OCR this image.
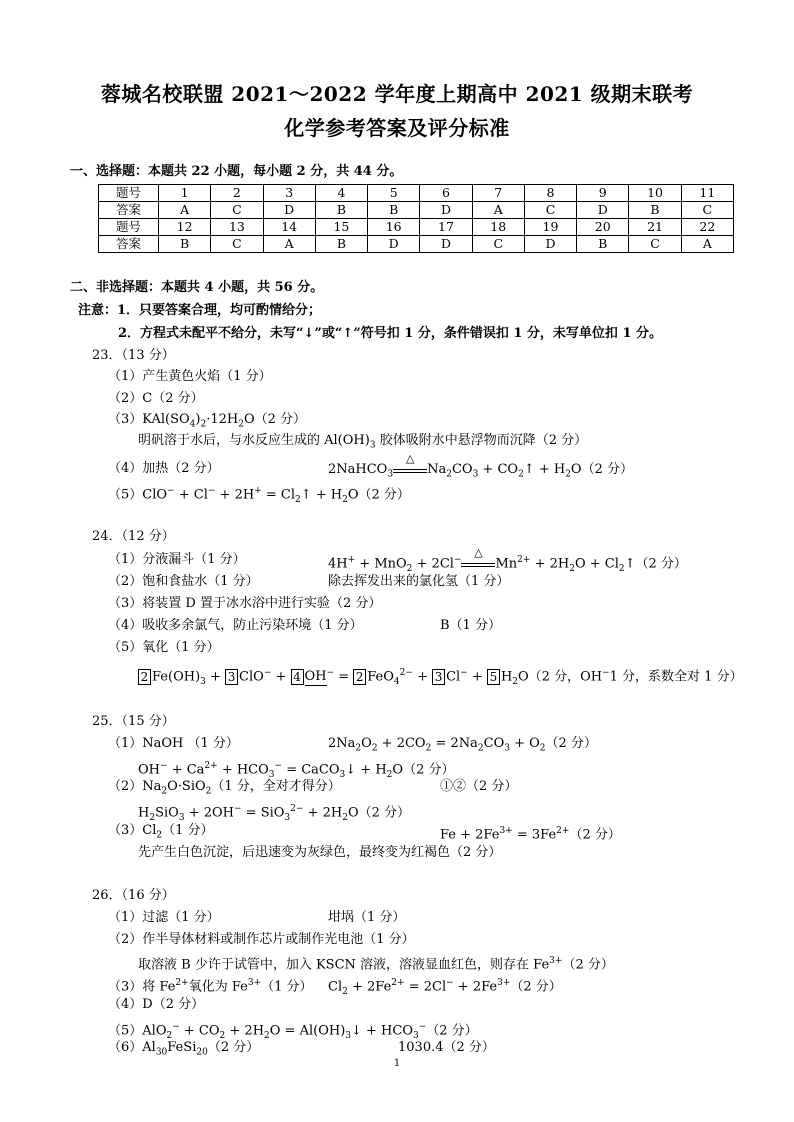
蓉城名校联盟 2021～2022 学年度上期高中 2021 级期末联考
化学参考答案及评分标准
一、选择题：本题共 22 小题，每小题 2 分，共 44 分。
题号	1	2	3	4	5	6	7	8	9	10	11
答案	A	C	D	B	B	D	A	C	D	B	C
题号	12	13	14	15	16	17	18	19	20	21	22
答案	B	C	A	B	D	D	C	D	B	C	A
二、非选择题：本题共 4 小题，共 56 分。
注意：1．只要答案合理，均可酌情给分；
2．方程式未配平不给分，未写“↓”或“↑”符号扣 1 分，条件错误扣 1 分，未写单位扣 1 分。
23．（13 分）
（1）产生黄色火焰（1 分）
（2）C（2 分）
$(3)KAl(SO_4)_2\cdot 12H_2O(2$ 分）
明矾溶于水后，与水反应生成的 $Al(OH)_3$ 胶体吸附水中悬浮物而沉降（2 分）
（4）加热（2 分）	2NaHCO$_3$
△
$Na_2CO_3$ + $CO_2↑ + H_2O(2$ 分）
$(5)ClO^- + Cl^- + 2H^+ = Cl_2↑ + H_2O(2$ 分）
24．（12 分）
（1）分液漏斗（1 分）	4H+ + MnO$_2$ + 2Cl−
△
$Mn^{2+} + 2H_2O$ + $Cl_2↑(2$ 分）
（2）饱和食盐水（1 分）	除去挥发出来的氯化氢（1 分）
（3）将装置 D 置于冰水浴中进行实验（2 分）
（4）吸收多余氯气，防止污染环境（1 分）	B（1 分）
（5）氧化（1 分）
2 $Fe(OH)_3 + 3$ ClO− + 4 OH− = 2 FeO$_4^{2-}$ + 3 Cl− + 5 $H_2O(2$ 分，OH−1 分，系数全对 1 分）
25．（15 分）
（1）NaOH （1 分）	$2Na_2O_2 + 2CO_2 = 2Na_2CO_3 + O_2(2$ 分）
$OH^- + Ca^{2+} + HCO_3^-$ = CaCO$_3$↓ + $H_2O(2$ 分）
$(2)Na_2O\cdot SiO_2(1$ 分，全对才得分）	①②（2 分）
$H_2SiO_3 + 2OH^- = SiO_3^{2-} + 2H_2O(2$ 分）
$(3)Cl_2(1$ 分）	$Fe + 2Fe^{3+} = 3Fe^{2+}(2$ 分）
先产生白色沉淀，后迅速变为灰绿色，最终变为红褐色（2 分）
26．（16 分）
（1）过滤（1 分）	坩埚（1 分）
（2）作半导体材料或制作芯片或制作光电池（1 分）
取溶液 B 少许于试管中，加入 KSCN 溶液，溶液显血红色，则存在 $Fe^{3+}(2$ 分）
（3）将 $Fe^{2+}$氧化为 $Fe^{3+}(1$ 分） $Cl_2 + 2Fe^{2+} = 2Cl^- + 2Fe^{3+}(2$ 分）
（4）D（2 分）
$(5)AlO_2^- + CO_2 + 2H_2O$ = $Al(OH)_3↓ + HCO_3^-(2$ 分）
$(6)Al_{30}FeSi_{20}(2$ 分）	1030.4（2 分）
1
